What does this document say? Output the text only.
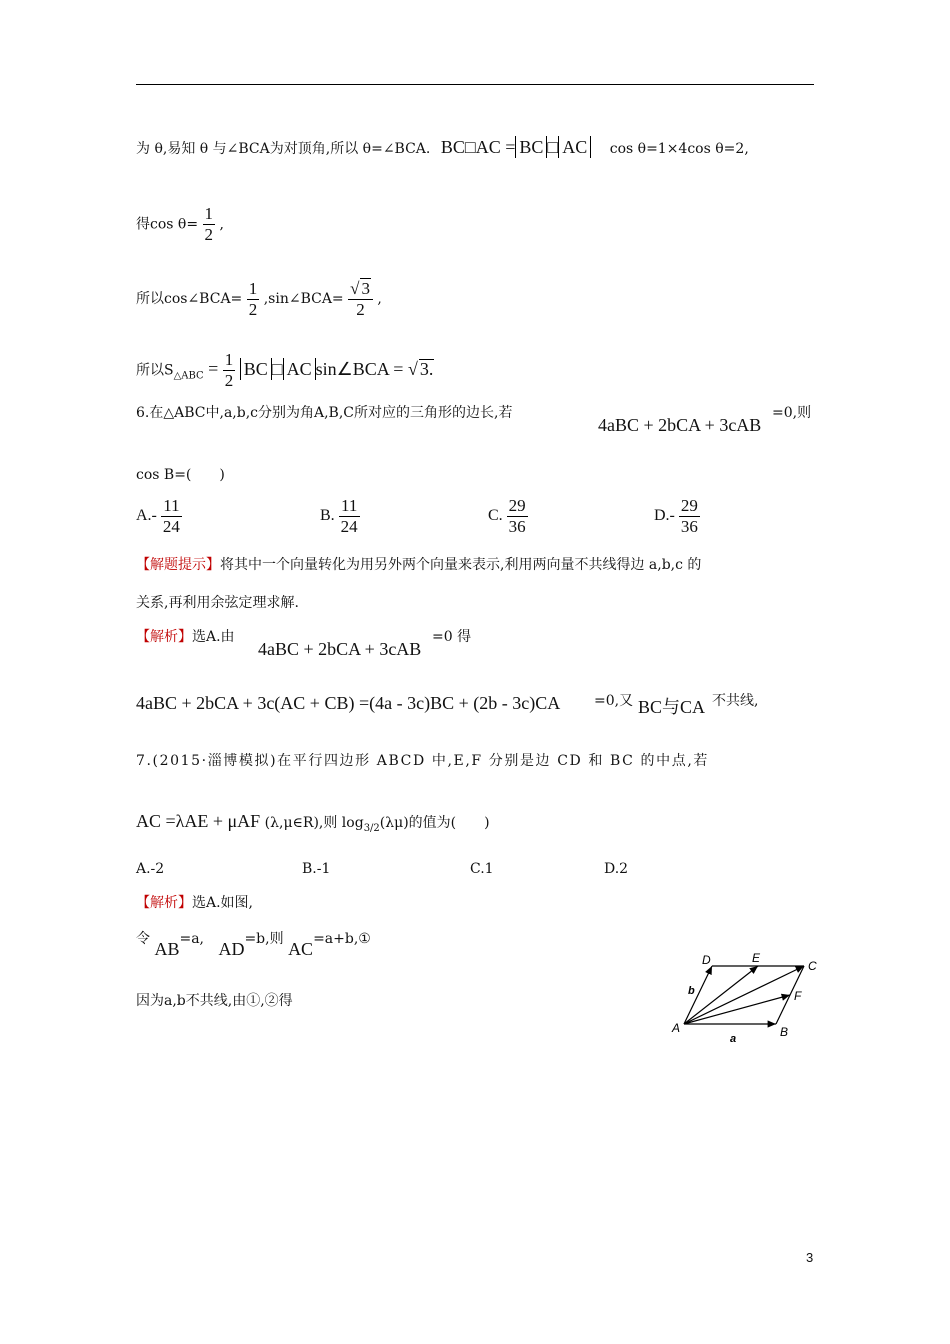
为 θ,易知 θ 与∠BCA为对顶角,所以 θ=∠BCA. BC□AC = BC □ AC cos θ=1×4cos θ=2,
得$\cos \theta= \frac{1}{2}$ ,
所以cos∠BCA= $\frac{1}{2}$ ,sin∠BCA= $\frac{√ 3}{2}$ ,
所以$S_{\triangle ABC} = \frac{1}{2}$ BC □ AC sin∠BCA = √ 3.
6.在△ABC中,a,b,c分别为角A,B,C所对应的三角形的边长,若
4aBC + 2bCA + 3cAB
=0,则
cos B=(　　)
$A.- \frac{11}{24}$	B. $\frac{11}{24}$	C. $\frac{29}{36}$	$D.- \frac{29}{36}$
【解题提示】将其中一个向量转化为用另外两个向量来表示,利用两向量不共线得边 a,b,c 的
关系,再利用余弦定理求解.
【解析】选A.由
4aBC + 2bCA + 3cAB
=0 得
4aBC + 2bCA + 3c(AC + CB) =(4a - 3c)BC + (2b - 3c)CA =0,又 BC与CA 不共线,
7.(2015·淄博模拟)在平行四边形 ABCD 中,E,F 分别是边 CD 和 BC 的中点,若
AC =λAE + μAF (λ,μ∈R),则 $\log_{3/2}(\lambda\mu)$的值为(　　)
A.-2	B.-1	C.1	D.2
【解析】选A.如图,
令 AB=a, AD=b,则 AC=a+b,①
因为a,b不共线,由①,②得
D	E
C
b	F
A
a	B
3
